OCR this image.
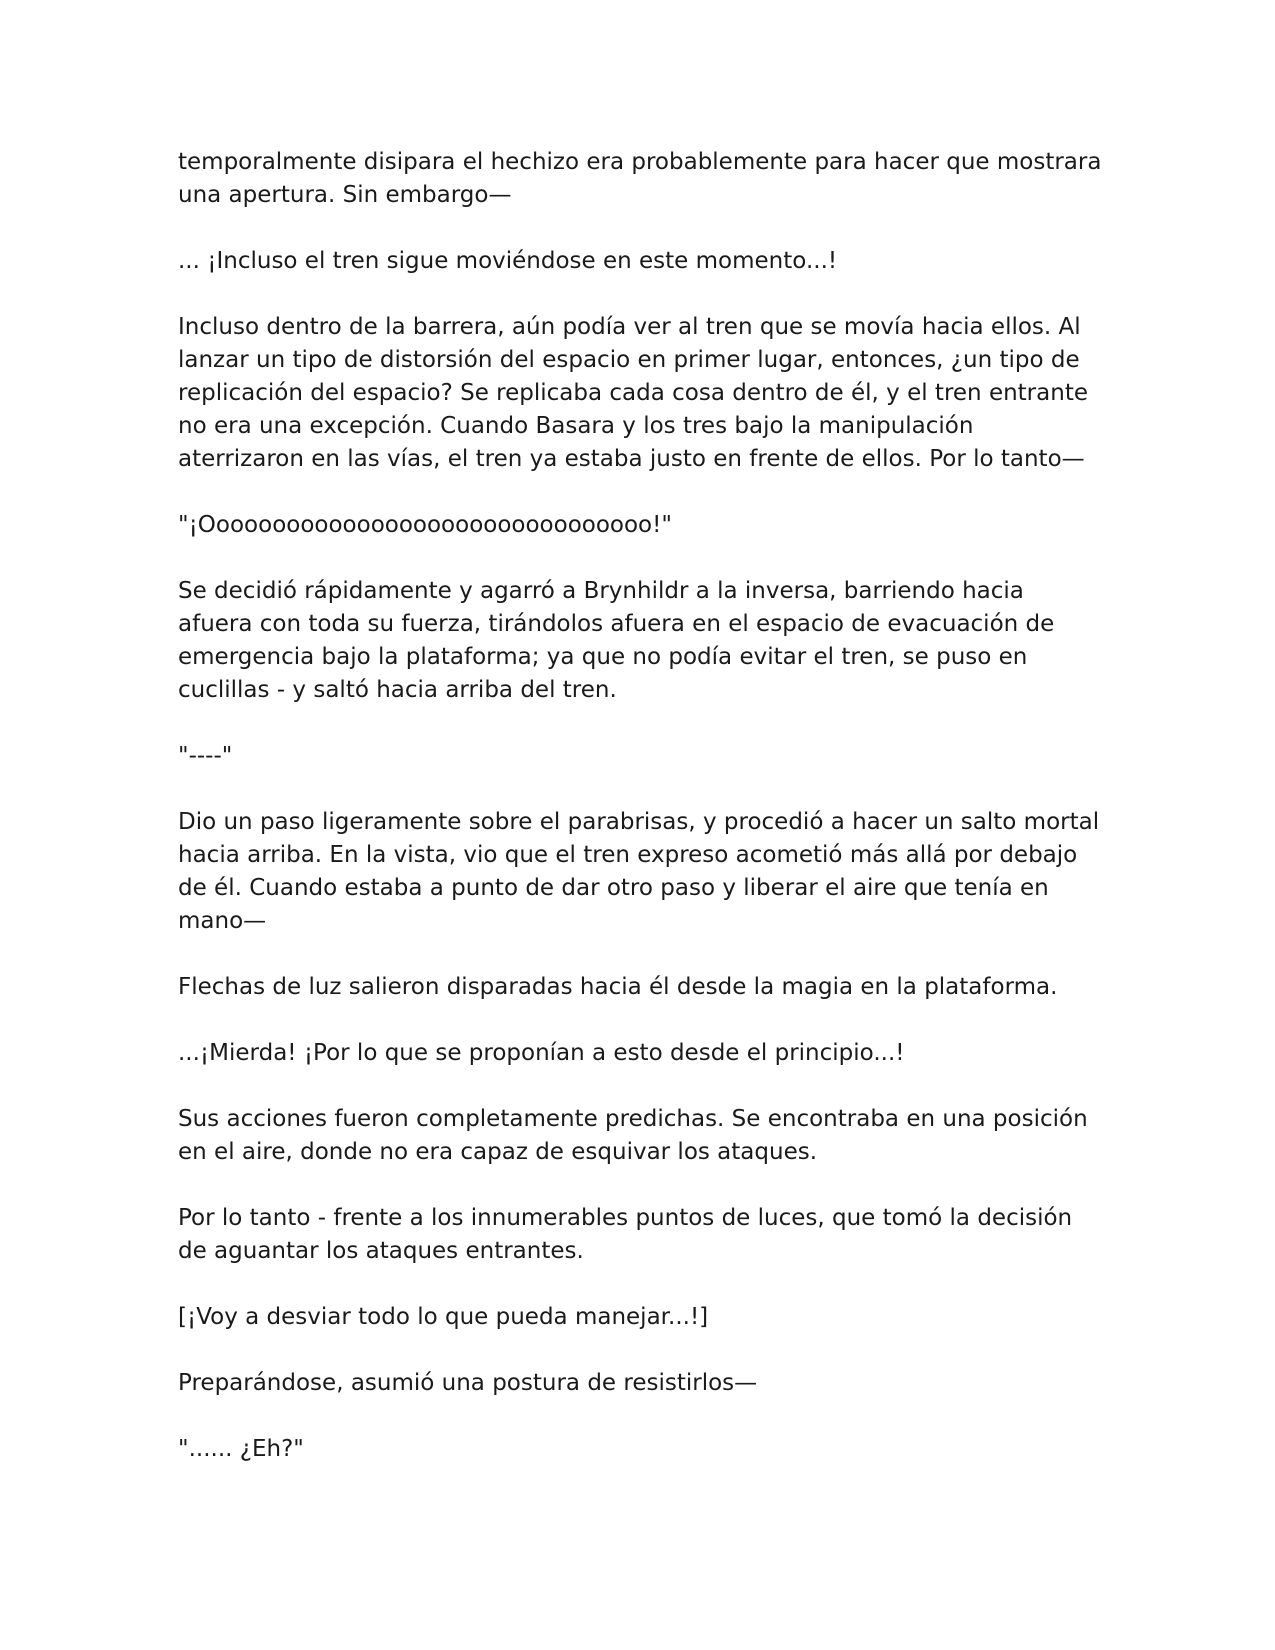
temporalmente disipara el hechizo era probablemente para hacer que mostrara una apertura. Sin embargo—

... ¡Incluso el tren sigue moviéndose en este momento...!

Incluso dentro de la barrera, aún podía ver al tren que se movía hacia ellos. Al lanzar un tipo de distorsión del espacio en primer lugar, entonces, ¿un tipo de replicación del espacio? Se replicaba cada cosa dentro de él, y el tren entrante no era una excepción. Cuando Basara y los tres bajo la manipulación aterrizaron en las vías, el tren ya estaba justo en frente de ellos. Por lo tanto—

"¡Oooooooooooooooooooooooooooooooo!"

Se decidió rápidamente y agarró a Brynhildr a la inversa, barriendo hacia afuera con toda su fuerza, tirándolos afuera en el espacio de evacuación de emergencia bajo la plataforma; ya que no podía evitar el tren, se puso en cuclillas - y saltó hacia arriba del tren.

"----"

Dio un paso ligeramente sobre el parabrisas, y procedió a hacer un salto mortal hacia arriba. En la vista, vio que el tren expreso acometió más allá por debajo de él. Cuando estaba a punto de dar otro paso y liberar el aire que tenía en mano—

Flechas de luz salieron disparadas hacia él desde la magia en la plataforma.

...¡Mierda! ¡Por lo que se proponían a esto desde el principio...!

Sus acciones fueron completamente predichas. Se encontraba en una posición en el aire, donde no era capaz de esquivar los ataques.

Por lo tanto - frente a los innumerables puntos de luces, que tomó la decisión de aguantar los ataques entrantes.

[¡Voy a desviar todo lo que pueda manejar...!]

Preparándose, asumió una postura de resistirlos—

"...... ¿Eh?"
